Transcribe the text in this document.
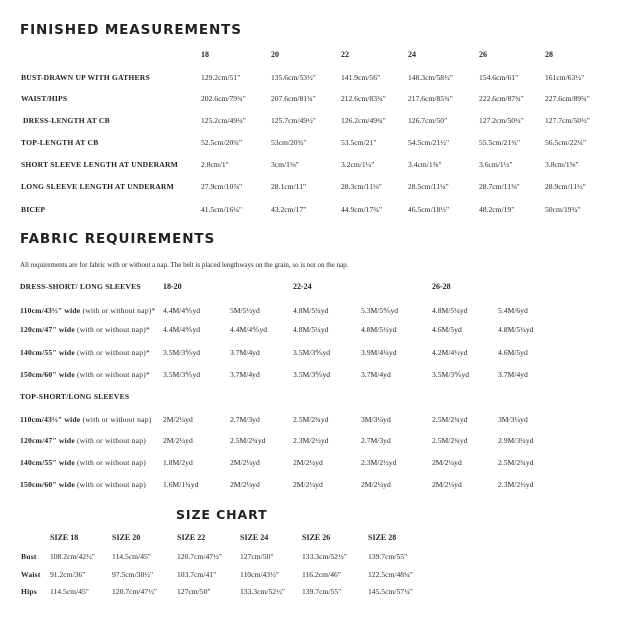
FINISHED MEASUREMENTS
18	20	22	24	26	28
BUST-DRAWN UP WITH GATHERS	129.2cm/51"	135.6cm/53½"	141.9cm/56"	148.3cm/58½"	154.6cm/61"	161cm/63½"
WAIST/HIPS	202.6cm/79¾"	207.6cm/81¾"	212.6cm/83¾"	217.6cm/85¾"	222.6cm/87¾"	227.6cm/89¾"
DRESS-LENGTH AT CB	125.2cm/49¼"	125.7cm/49½"	126.2cm/49¾"	126.7cm/50"	127.2cm/50¼"	127.7cm/50½"
TOP-LENGTH AT CB	52.5cm/20¾"	53cm/20¾"	53.5cm/21"	54.5cm/21½"	55.5cm/21¾"	56.5cm/22¼"
SHORT SLEEVE LENGTH AT UNDERARM	2.8cm/1"	3cm/1⅛"	3.2cm/1¼"	3.4cm/1⅜"	3.6cm/1½"	3.8cm/1⅝"
LONG SLEEVE LENGTH AT UNDERARM	27.9cm/10⅞"	28.1cm/11"	28.3cm/11⅛"	28.5cm/11¼"	28.7cm/11⅜"	28.9cm/11½"
BICEP	41.5cm/16¼"	43.2cm/17"	44.9cm/17¾"	46.5cm/18½"	48.2cm/19"	50cm/19¾"
FABRIC REQUIREMENTS
All requirements are for fabric with or without a nap. The belt is placed lengthways on the grain, so is not on the nap.
DRESS-SHORT/ LONG SLEEVES	18-20	22-24	26-28
110cm/43½" wide (with or without nap)* 4.4M/4⅘yd	5M/5½yd	4.8M/5¼yd	5.3M/5⅘yd	4.8M/5¼yd	5.4M/6yd
120cm/47" wide (with or without nap)* 4.4M/4⅘yd	4.4M/4⅘yd	4.8M/5¼yd	4.8M/5¼yd	4.6M/5yd	4.8M/5¼yd
140cm/55" wide (with or without nap)* 3.5M/3⅘yd	3.7M/4yd	3.5M/3⅘yd	3.9M/4¼yd	4.2M/4½yd	4.6M/5yd
150cm/60" wide (with or without nap)* 3.5M/3⅘yd	3.7M/4yd	3.5M/3⅘yd	3.7M/4yd	3.5M/3⅘yd	3.7M/4yd
TOP-SHORT/LONG SLEEVES
110cm/43½" wide (with or without nap) 2M/2¼yd	2.7M/3yd	2.5M/2¾yd	3M/3¼yd	2.5M/2¾yd	3M/3¼yd
120cm/47" wide (with or without nap) 2M/2¼yd	2.5M/2¾yd	2.3M/2½yd	2.7M/3yd	2.5M/2¾yd	2.9M/3¼yd
140cm/55" wide (with or without nap) 1.8M/2yd	2M/2¼yd	2M/2¼yd	2.3M/2½yd	2M/2¼yd	2.5M/2¾yd
150cm/60" wide (with or without nap) 1.6M/1¾yd	2M/2¼yd	2M/2¼yd	2M/2¼yd	2M/2¼yd	2.3M/2½yd
SIZE CHART
SIZE 18	SIZE 20	SIZE 22	SIZE 24	SIZE 26	SIZE 28
Bust 108.2cm/42½" 114.5cm/45"	120.7cm/47½" 127cm/50"	133.3cm/52½"	139.7cm/55"
Waist 91.2cm/36"	97.5cm/38½"	103.7cm/41"	110cm/43½"	116.2cm/46"	122.5cm/48¼"
Hips 114.5cm/45"	120.7cm/47½"	127cm/50"	133.3cm/52½" 139.7cm/55"	145.5cm/57¼"
